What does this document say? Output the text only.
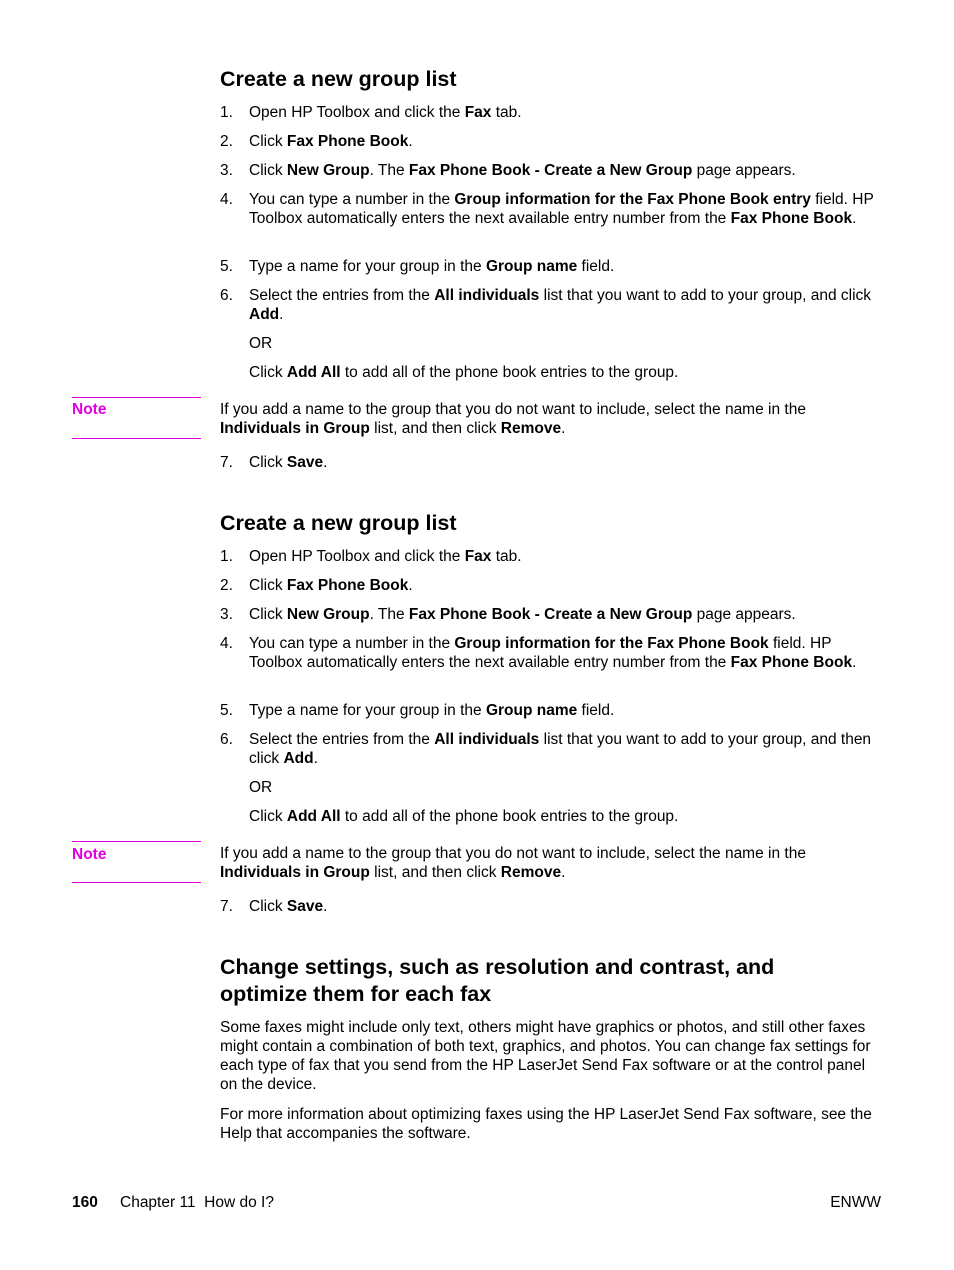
Create a new group list
1. Open HP Toolbox and click the Fax tab.
2. Click Fax Phone Book.
3. Click New Group. The Fax Phone Book - Create a New Group page appears.
4. You can type a number in the Group information for the Fax Phone Book entry field. HP Toolbox automatically enters the next available entry number from the Fax Phone Book.
5. Type a name for your group in the Group name field.
6. Select the entries from the All individuals list that you want to add to your group, and click Add.
OR
Click Add All to add all of the phone book entries to the group.
Note	If you add a name to the group that you do not want to include, select the name in the Individuals in Group list, and then click Remove.
7. Click Save.
Create a new group list
1. Open HP Toolbox and click the Fax tab.
2. Click Fax Phone Book.
3. Click New Group. The Fax Phone Book - Create a New Group page appears.
4. You can type a number in the Group information for the Fax Phone Book field. HP Toolbox automatically enters the next available entry number from the Fax Phone Book.
5. Type a name for your group in the Group name field.
6. Select the entries from the All individuals list that you want to add to your group, and then click Add.
OR
Click Add All to add all of the phone book entries to the group.
Note	If you add a name to the group that you do not want to include, select the name in the Individuals in Group list, and then click Remove.
7. Click Save.
Change settings, such as resolution and contrast, and optimize them for each fax
Some faxes might include only text, others might have graphics or photos, and still other faxes might contain a combination of both text, graphics, and photos. You can change fax settings for each type of fax that you send from the HP LaserJet Send Fax software or at the control panel on the device.
For more information about optimizing faxes using the HP LaserJet Send Fax software, see the Help that accompanies the software.
160 Chapter 11  How do I?	ENWW
